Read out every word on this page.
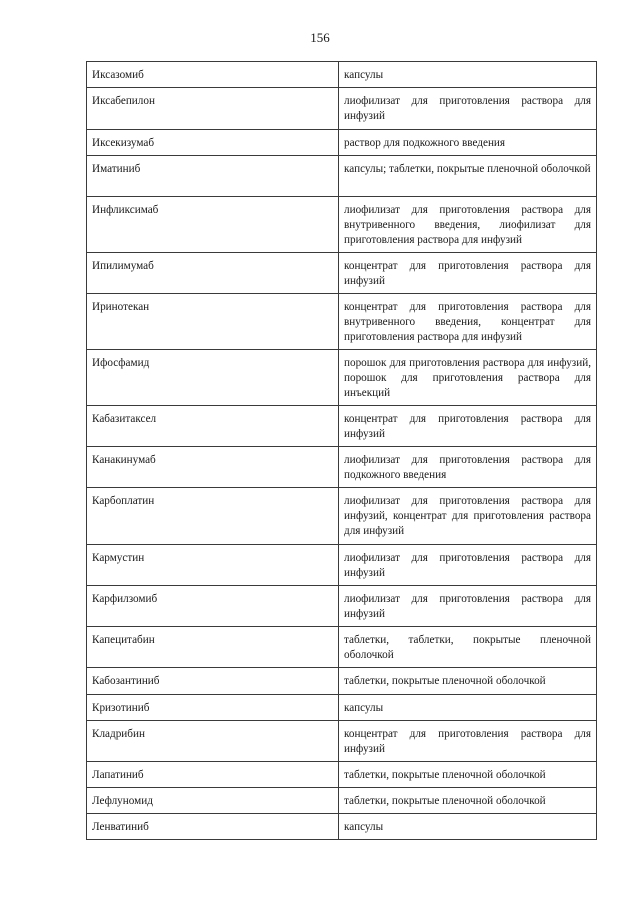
156
Иксазомиб	капсулы
Иксабепилон	лиофилизат для приготовления раствора для инфузий
Иксекизумаб	раствор для подкожного введения
Иматиниб	капсулы; таблетки, покрытые пленочной оболочкой
Инфликсимаб	лиофилизат для приготовления раствора для внутривенного введения, лиофилизат для приготовления раствора для инфузий
Ипилимумаб	концентрат для приготовления раствора для инфузий
Иринотекан	концентрат для приготовления раствора для внутривенного введения, концентрат для приготовления раствора для инфузий
Ифосфамид	порошок для приготовления раствора для инфузий, порошок для приготовления раствора для инъекций
Кабазитаксел	концентрат для приготовления раствора для инфузий
Канакинумаб	лиофилизат для приготовления раствора для подкожного введения
Карбоплатин	лиофилизат для приготовления раствора для инфузий, концентрат для приготовления раствора для инфузий
Кармустин	лиофилизат для приготовления раствора для инфузий
Карфилзомиб	лиофилизат для приготовления раствора для инфузий
Капецитабин	таблетки, таблетки, покрытые пленочной оболочкой
Кабозантиниб	таблетки, покрытые пленочной оболочкой
Кризотиниб	капсулы
Кладрибин	концентрат для приготовления раствора для инфузий
Лапатиниб	таблетки, покрытые пленочной оболочкой
Лефлуномид	таблетки, покрытые пленочной оболочкой
Ленватиниб	капсулы
